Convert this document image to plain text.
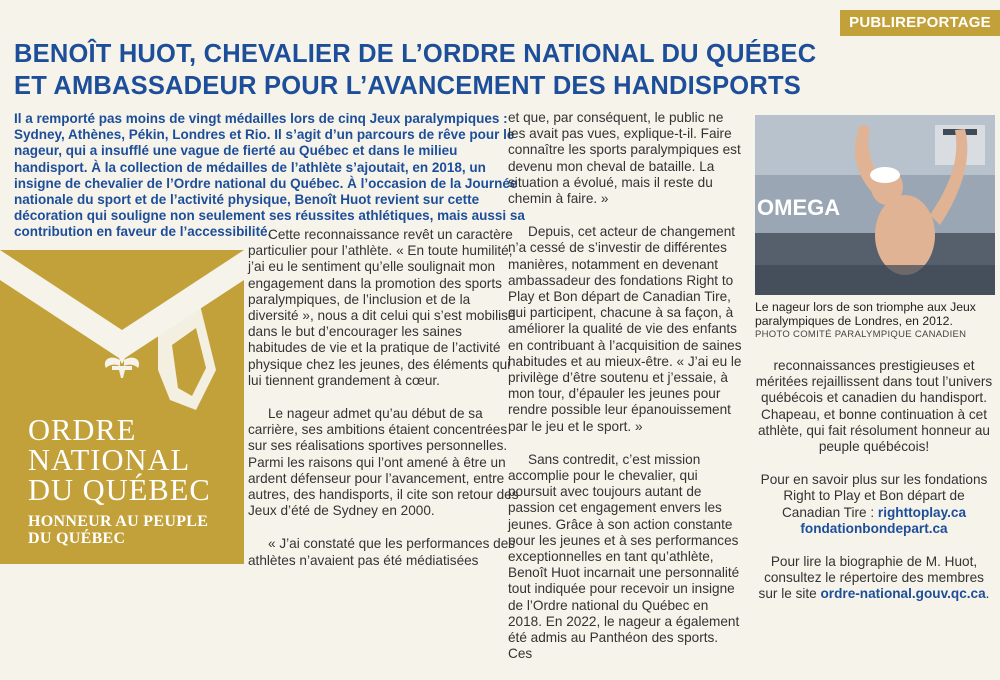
PUBLIREPORTAGE
BENOÎT HUOT, CHEVALIER DE L’ORDRE NATIONAL DU QUÉBEC
ET AMBASSADEUR POUR L’AVANCEMENT DES HANDISPORTS

Il a remporté pas moins de vingt médailles lors de cinq Jeux paralympiques : Sydney, Athènes, Pékin, Londres et Rio. Il s’agit d’un parcours de rêve pour le nageur, qui a insufflé une vague de fierté au Québec et dans le milieu handisport. À la collection de médailles de l’athlète s’ajoutait, en 2018, un insigne de chevalier de l’Ordre national du Québec. À l’occasion de la Journée nationale du sport et de l’activité physique, Benoît Huot revient sur cette décoration qui souligne non seulement ses réussites athlétiques, mais aussi sa contribution en faveur de l’accessibilité.

ORDRE
NATIONAL
DU QUÉBEC
HONNEUR AU PEUPLE
DU QUÉBEC

Cette reconnaissance revêt un caractère particulier pour l’athlète. « En toute humilité, j’ai eu le sentiment qu’elle soulignait mon engagement dans la promotion des sports paralympiques, de l’inclusion et de la diversité », nous a dit celui qui s’est mobilisé dans le but d’encourager les saines habitudes de vie et la pratique de l’activité physique chez les jeunes, des éléments qui lui tiennent grandement à cœur.

Le nageur admet qu’au début de sa carrière, ses ambitions étaient concentrées sur ses réalisations sportives personnelles. Parmi les raisons qui l’ont amené à être un ardent défenseur pour l’avancement, entre autres, des handisports, il cite son retour des Jeux d’été de Sydney en 2000.

« J’ai constaté que les performances des athlètes n’avaient pas été médiatisées

et que, par conséquent, le public ne les avait pas vues, explique-t-il. Faire connaître les sports paralympiques est devenu mon cheval de bataille. La situation a évolué, mais il reste du chemin à faire. »

Depuis, cet acteur de changement n’a cessé de s’investir de différentes manières, notamment en devenant ambassadeur des fondations Right to Play et Bon départ de Canadian Tire, qui participent, chacune à sa façon, à améliorer la qualité de vie des enfants en contribuant à l’acquisition de saines habitudes et au mieux-être. « J’ai eu le privilège d’être soutenu et j’essaie, à mon tour, d’épauler les jeunes pour rendre possible leur épanouissement par le jeu et le sport. »

Sans contredit, c’est mission accomplie pour le chevalier, qui poursuit avec toujours autant de passion cet engagement envers les jeunes. Grâce à son action constante pour les jeunes et à ses performances exceptionnelles en tant qu’athlète, Benoît Huot incarnait une personnalité tout indiquée pour recevoir un insigne de l’Ordre national du Québec en 2018. En 2022, le nageur a également été admis au Panthéon des sports. Ces

OMEGA
Le nageur lors de son triomphe aux Jeux paralympiques de Londres, en 2012.
PHOTO COMITÉ PARALYMPIQUE CANADIEN

reconnaissances prestigieuses et méritées rejaillissent dans tout l’univers québécois et canadien du handisport. Chapeau, et bonne continuation à cet athlète, qui fait résolument honneur au peuple québécois!

Pour en savoir plus sur les fondations Right to Play et Bon départ de Canadian Tire : righttoplay.ca
fondationbondepart.ca

Pour lire la biographie de M. Huot, consultez le répertoire des membres sur le site ordre-national.gouv.qc.ca.
